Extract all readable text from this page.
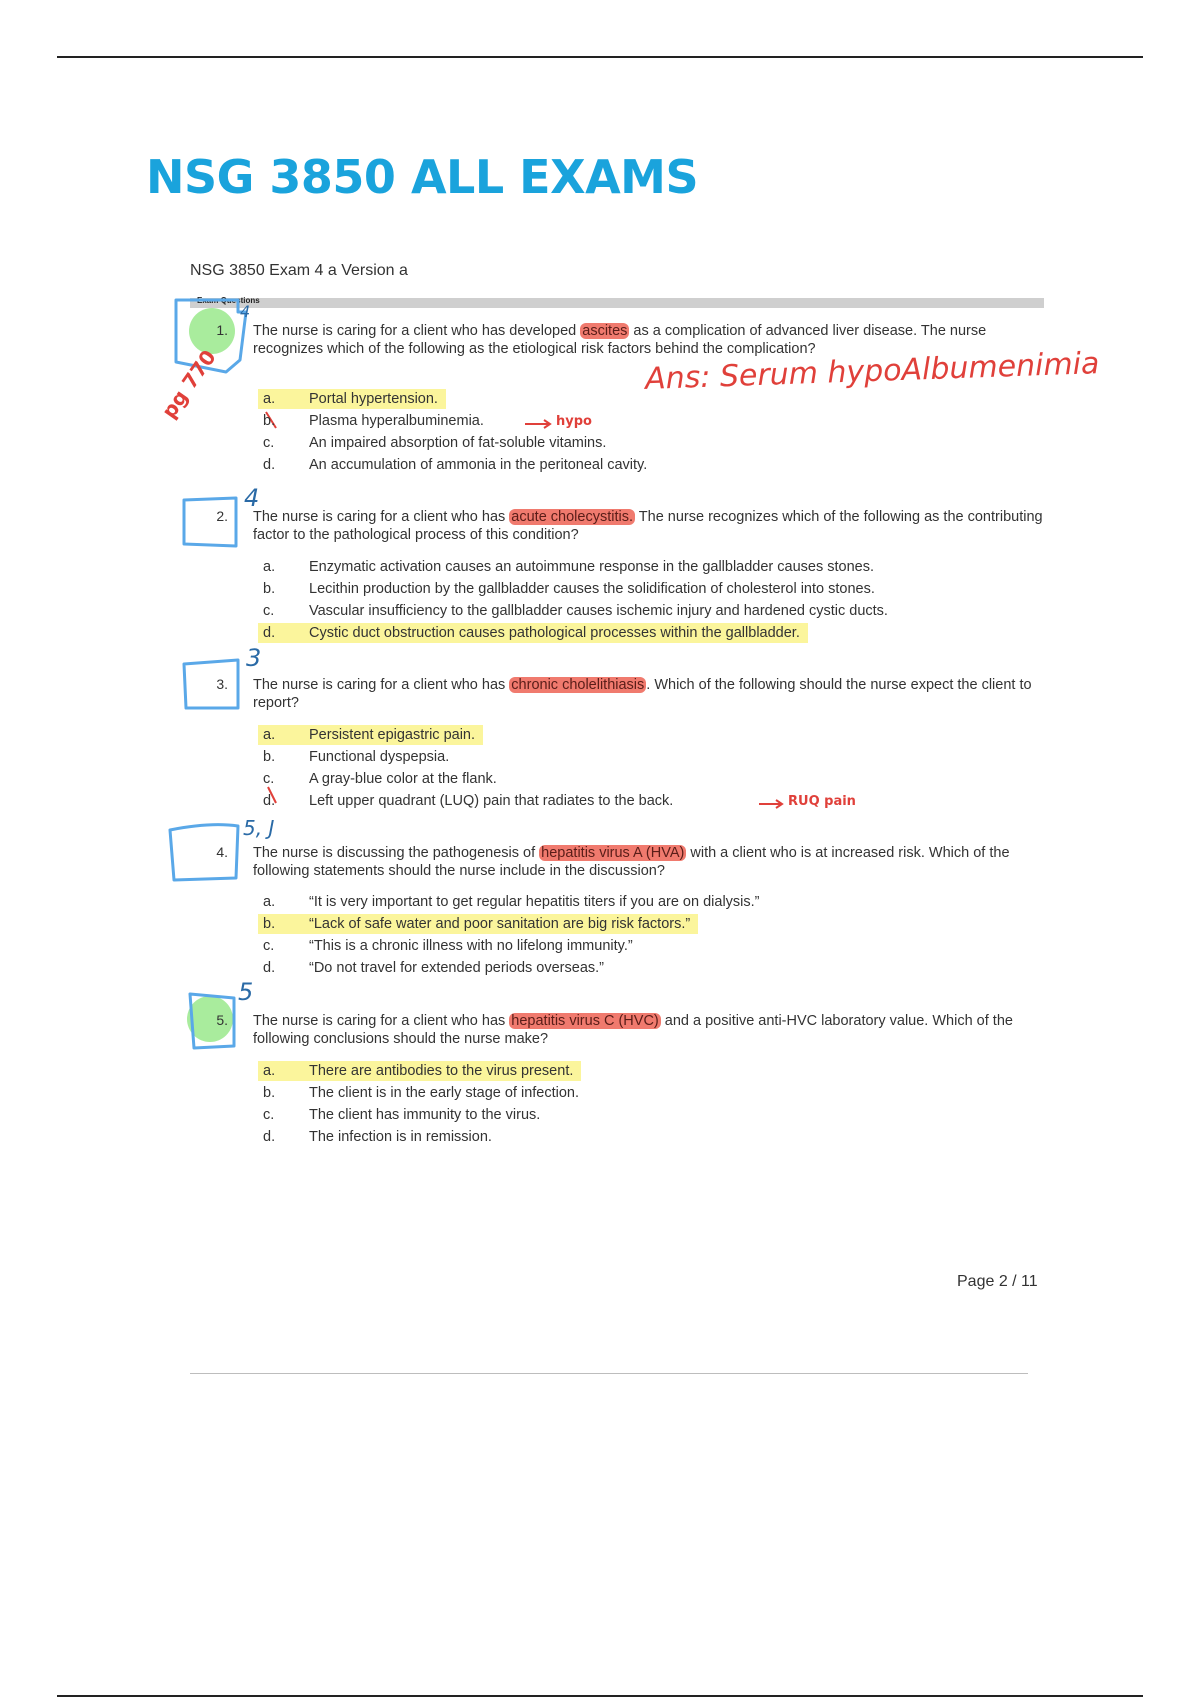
NSG 3850 ALL EXAMS
NSG 3850 Exam 4 a Version a
Exam Questions
Ans: Serum hypoAlbumenimia
pg 770
4
4
3
5, J
5
hypo
RUQ pain
1. The nurse is caring for a client who has developed ascites as a complication of advanced liver disease. The nurse recognizes which of the following as the etiological risk factors behind the complication?
a. Portal hypertension.
b. Plasma hyperalbuminemia.
c. An impaired absorption of fat-soluble vitamins.
d. An accumulation of ammonia in the peritoneal cavity.
2. The nurse is caring for a client who has acute cholecystitis. The nurse recognizes which of the following as the contributing factor to the pathological process of this condition?
a. Enzymatic activation causes an autoimmune response in the gallbladder causes stones.
b. Lecithin production by the gallbladder causes the solidification of cholesterol into stones.
c. Vascular insufficiency to the gallbladder causes ischemic injury and hardened cystic ducts.
d. Cystic duct obstruction causes pathological processes within the gallbladder.
3. The nurse is caring for a client who has chronic cholelithiasis . Which of the following should the nurse expect the client to report?
a. Persistent epigastric pain.
b. Functional dyspepsia.
c. A gray-blue color at the flank.
d. Left upper quadrant (LUQ) pain that radiates to the back.
4. The nurse is discussing the pathogenesis of hepatitis virus A (HVA) with a client who is at increased risk. Which of the following statements should the nurse include in the discussion?
a. “It is very important to get regular hepatitis titers if you are on dialysis.”
b. “Lack of safe water and poor sanitation are big risk factors.”
c. “This is a chronic illness with no lifelong immunity.”
d. “Do not travel for extended periods overseas.”
5. The nurse is caring for a client who has hepatitis virus C (HVC) and a positive anti-HVC laboratory value. Which of the following conclusions should the nurse make?
a. There are antibodies to the virus present.
b. The client is in the early stage of infection.
c. The client has immunity to the virus.
d. The infection is in remission.
Page 2 / 11
